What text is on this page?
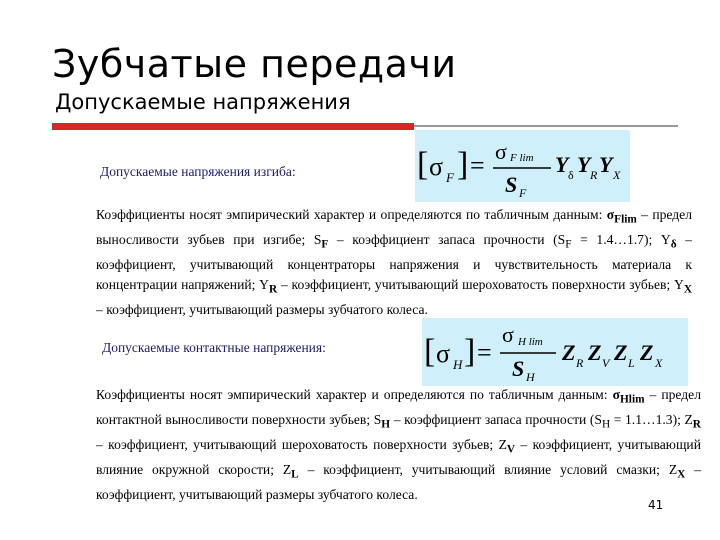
Зубчатые передачи
Допускаемые напряжения
Допускаемые напряжения изгиба:	[ σ F ] = σ F lim
S F
Y δ Y R Y X
Коэффициенты носят эмпирический характер и определяются по табличным данным: $\sigma_{Flim}$ – предел выносливости зубьев при изгибе; $S_F$ – коэффициент запаса прочности ($S_F$ = 1.4…1.7); $Y_\delta$ – коэффициент, учитывающий концентраторы напряжения и чувствительность материала к концентрации напряжений; $Y_R$ – коэффициент, учитывающий шероховатость поверхности зубьев; $Y_X$ – коэффициент, учитывающий размеры зубчатого колеса.
[ σ H ] =
σ H lim
S H
Z R Z V Z L Z X
Допускаемые контактные напряжения:
Коэффициенты носят эмпирический характер и определяются по табличным данным: $\sigma_{Hlim}$ – предел контактной выносливости поверхности зубьев; $S_H$ – коэффициент запаса прочности ($S_H$ = 1.1…1.3); $Z_R$ – коэффициент, учитывающий шероховатость поверхности зубьев; $Z_V$ – коэффициент, учитывающий влияние окружной скорости; $Z_L$ – коэффициент, учитывающий влияние условий смазки; $Z_X$ – коэффициент, учитывающий размеры зубчатого колеса.
41
